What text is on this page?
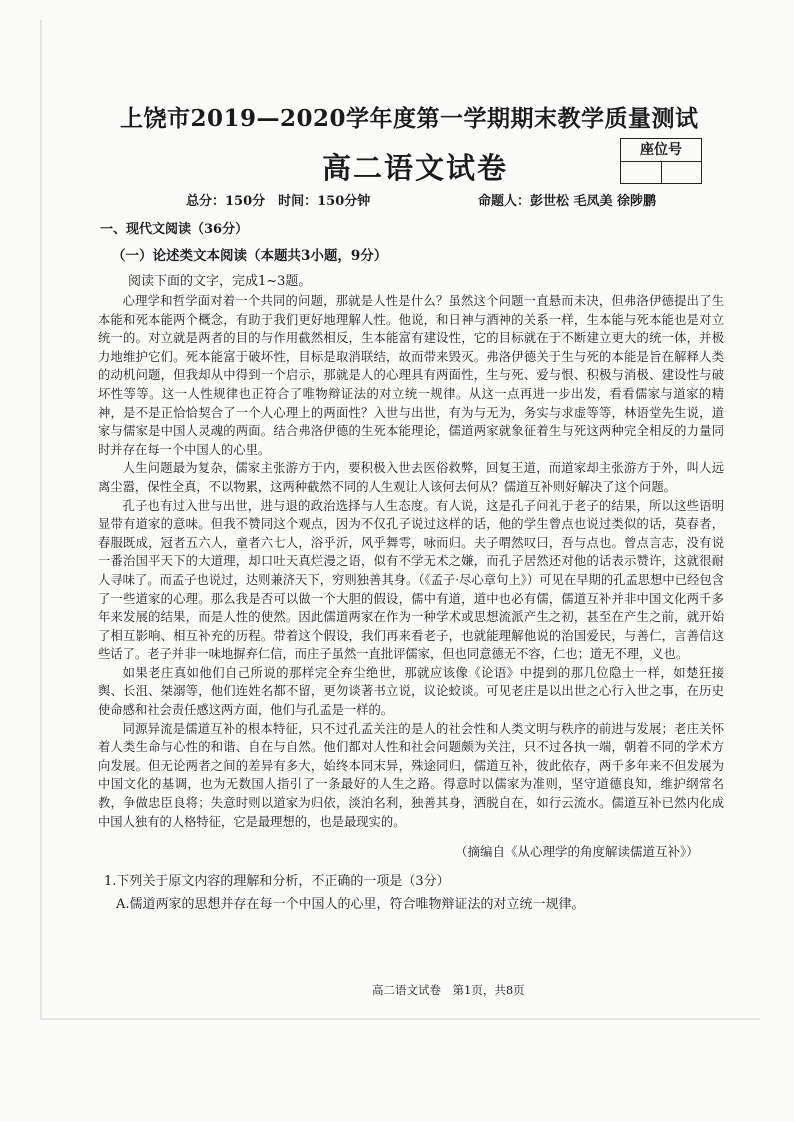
上饶市2019—2020学年度第一学期期末教学质量测试
座位号
高二语文试卷
总分：150分　时间：150分钟	命题人：彭世松 毛凤美 徐陟鹏
一、现代文阅读（36分）
（一）论述类文本阅读（本题共3小题，9分）
阅读下面的文字，完成1~3题。

心理学和哲学面对着一个共同的问题，那就是人性是什么？虽然这个问题一直悬而未决，但弗洛伊德提出了生本能和死本能两个概念，有助于我们更好地理解人性。他说，和日神与酒神的关系一样，生本能与死本能也是对立统一的。对立就是两者的目的与作用截然相反，生本能富有建设性，它的目标就在于不断建立更大的统一体，并极力地维护它们。死本能富于破坏性，目标是取消联结，故而带来毁灭。弗洛伊德关于生与死的本能是旨在解释人类的动机问题，但我却从中得到一个启示，那就是人的心理具有两面性，生与死、爱与恨、积极与消极、建设性与破坏性等等。这一人性规律也正符合了唯物辩证法的对立统一规律。从这一点再进一步出发，看看儒家与道家的精神，是不是正恰恰契合了一个人心理上的两面性？入世与出世，有为与无为，务实与求虚等等，林语堂先生说，道家与儒家是中国人灵魂的两面。结合弗洛伊德的生死本能理论，儒道两家就象征着生与死这两种完全相反的力量同时并存在每一个中国人的心里。

人生问题最为复杂，儒家主张游方于内，要积极入世去医俗救弊，回复王道，而道家却主张游方于外，叫人远离尘嚣，保性全真，不以物累，这两种截然不同的人生观让人该何去何从？儒道互补则好解决了这个问题。

孔子也有过入世与出世，进与退的政治选择与人生态度。有人说，这是孔子问礼于老子的结果，所以这些语明显带有道家的意味。但我不赞同这个观点，因为不仅孔子说过这样的话，他的学生曾点也说过类似的话，莫春者，春服既成，冠者五六人，童者六七人，浴乎沂，风乎舞雩，咏而归。夫子喟然叹曰，吾与点也。曾点言志，没有说一番治国平天下的大道理，却口吐天真烂漫之语，似有不学无术之嫌，而孔子居然还对他的话表示赞许，这就很耐人寻味了。而孟子也说过，达则兼济天下，穷则独善其身。（《孟子·尽心章句上》）可见在早期的孔孟思想中已经包含了一些道家的心理。那么我是否可以做一个大胆的假设，儒中有道，道中也必有儒，儒道互补并非中国文化两千多年来发展的结果，而是人性的使然。因此儒道两家在作为一种学术或思想流派产生之初，甚至在产生之前，就开始了相互影响、相互补充的历程。带着这个假设，我们再来看老子，也就能理解他说的治国爱民，与善仁，言善信这些话了。老子并非一味地摒弃仁信，而庄子虽然一直批评儒家，但也同意德无不容，仁也；道无不理，义也。

如果老庄真如他们自己所说的那样完全弃尘绝世，那就应该像《论语》中提到的那几位隐士一样，如楚狂接舆、长沮、桀溺等，他们连姓名都不留，更勿谈著书立说，议论蛟谈。可见老庄是以出世之心行入世之事，在历史使命感和社会责任感这两方面，他们与孔孟是一样的。

同源异流是儒道互补的根本特征，只不过孔孟关注的是人的社会性和人类文明与秩序的前进与发展；老庄关怀着人类生命与心性的和谐、自在与自然。他们都对人性和社会问题颇为关注，只不过各执一端，朝着不同的学术方向发展。但无论两者之间的差异有多大，始终本同末异，殊途同归，儒道互补，彼此依存，两千多年来不但发展为中国文化的基调，也为无数国人指引了一条最好的人生之路。得意时以儒家为准则，坚守道德良知，维护纲常名教，争做忠臣良将；失意时则以道家为归依，淡泊名利，独善其身，洒脱自在，如行云流水。儒道互补已然内化成中国人独有的人格特征，它是最理想的，也是最现实的。

（摘编自《从心理学的角度解读儒道互补》）
1.下列关于原文内容的理解和分析，不正确的一项是（3分）
A.儒道两家的思想并存在每一个中国人的心里，符合唯物辩证法的对立统一规律。
高二语文试卷　第1页，共8页
